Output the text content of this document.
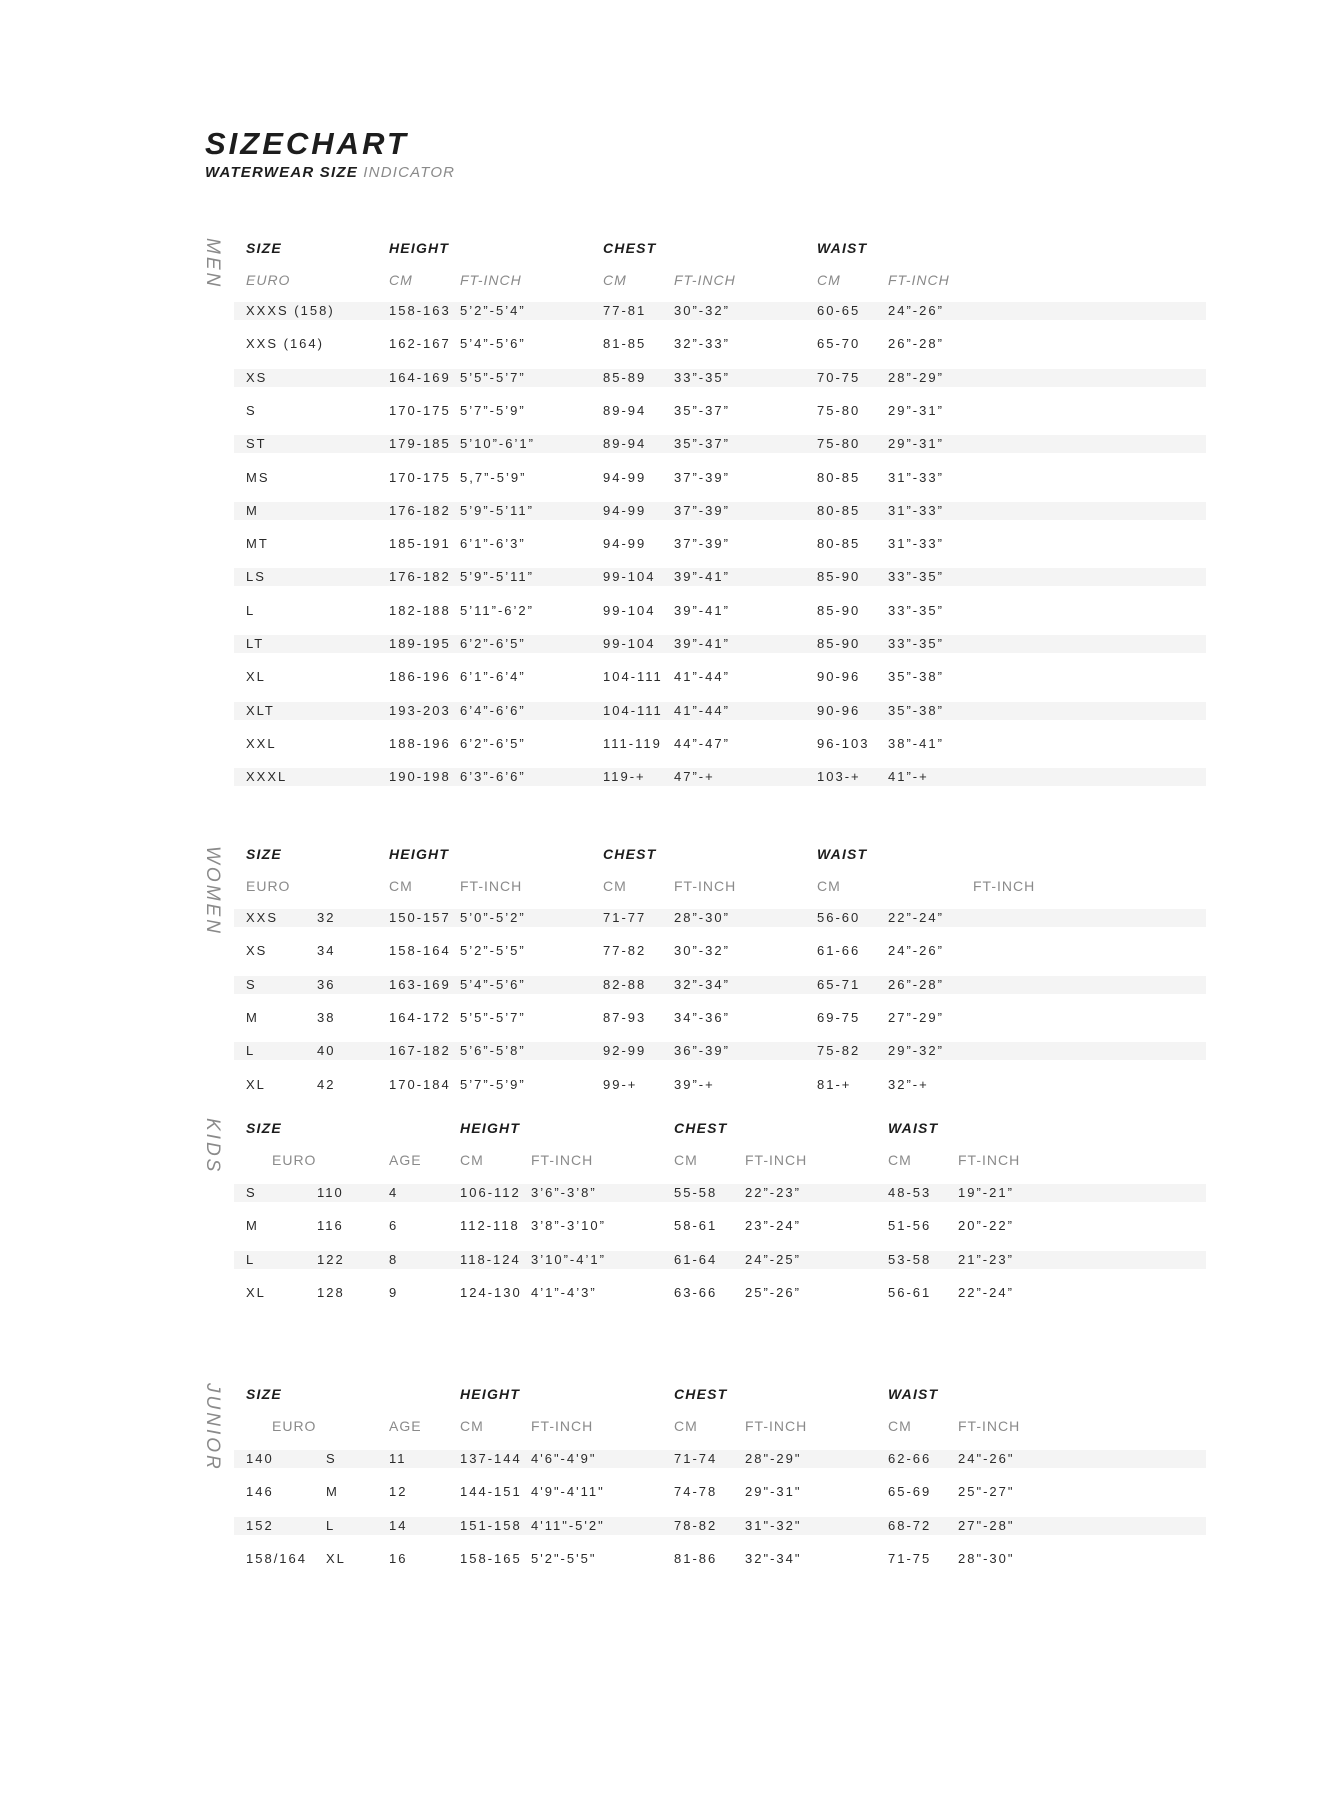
SIZECHART
WATERWEAR SIZE INDICATOR
MEN SIZE	HEIGHT	CHEST	WAIST
EURO	CM	FT-INCH	CM	FT-INCH	CM	FT-INCH
XXXS (158)	158-163 5’2”-5’4”	77-81 30”-32”	60-65 24”-26”
XXS (164)	162-167 5’4”-5’6”	81-85 32”-33”	65-70 26”-28”
XS	164-169 5’5”-5’7”	85-89 33”-35”	70-75 28”-29”
S	170-175 5’7”-5’9”	89-94 35”-37”	75-80 29”-31”
ST	179-185 5’10”-6’1”	89-94 35”-37”	75-80 29”-31”
MS	170-175 5,7”-5’9”	94-99 37”-39”	80-85 31”-33”
M	176-182 5’9”-5’11”	94-99 37”-39”	80-85 31”-33”
MT	185-191 6’1”-6’3”	94-99 37”-39”	80-85 31”-33”
LS	176-182 5’9”-5’11”	99-104 39”-41”	85-90 33”-35”
L	182-188 5’11”-6’2”	99-104 39”-41”	85-90 33”-35”
LT	189-195 6’2”-6’5”	99-104 39”-41”	85-90 33”-35”
XL	186-196 6’1”-6’4”	104-111 41”-44”	90-96 35”-38”
XLT	193-203 6’4”-6’6”	104-111 41”-44”	90-96 35”-38”
XXL	188-196 6’2”-6’5”	111-119 44”-47”	96-103 38”-41”
XXXL	190-198 6’3”-6’6”	119-+ 47”-+	103-+ 41”-+
WOMEN SIZE	HEIGHT	CHEST	WAIST
EURO	CM	FT-INCH	CM	FT-INCH	CM	FT-INCH
XXS	32	150-157 5’0”-5’2”	71-77 28”-30”	56-60 22”-24”
XS	34	158-164 5’2”-5’5”	77-82 30”-32”	61-66 24”-26”
S	36	163-169 5’4”-5’6”	82-88 32”-34”	65-71 26”-28”
M	38	164-172 5’5”-5’7”	87-93 34”-36”	69-75 27”-29”
L	40	167-182 5’6”-5’8”	92-99 36”-39”	75-82 29”-32”
XL	42	170-184 5’7”-5’9”	99-+	39”-+	81-+	32”-+
KIDS SIZE	HEIGHT	CHEST	WAIST
EURO	AGE	CM	FT-INCH	CM	FT-INCH	CM	FT-INCH
S	110	4	106-112 3’6”-3’8”	55-58 22”-23”	48-53 19”-21”
M	116	6	112-118 3’8”-3’10”	58-61 23”-24”	51-56 20”-22”
L	122	8	118-124 3’10”-4’1”	61-64 24”-25”	53-58 21”-23”
XL	128	9	124-130 4’1”-4’3”	63-66 25”-26”	56-61 22”-24”
JUNIOR SIZE	HEIGHT	CHEST	WAIST
EURO	AGE	CM	FT-INCH	CM	FT-INCH	CM	FT-INCH
140	S	11	137-144 4'6"-4'9"	71-74 28"-29"	62-66 24"-26"
146	M	12	144-151 4'9"-4'11"	74-78 29"-31"	65-69 25"-27"
152	L	14	151-158 4'11"-5'2"	78-82 31"-32"	68-72 27"-28"
158/164 XL	16	158-165 5'2"-5'5"	81-86 32"-34"	71-75 28"-30"
